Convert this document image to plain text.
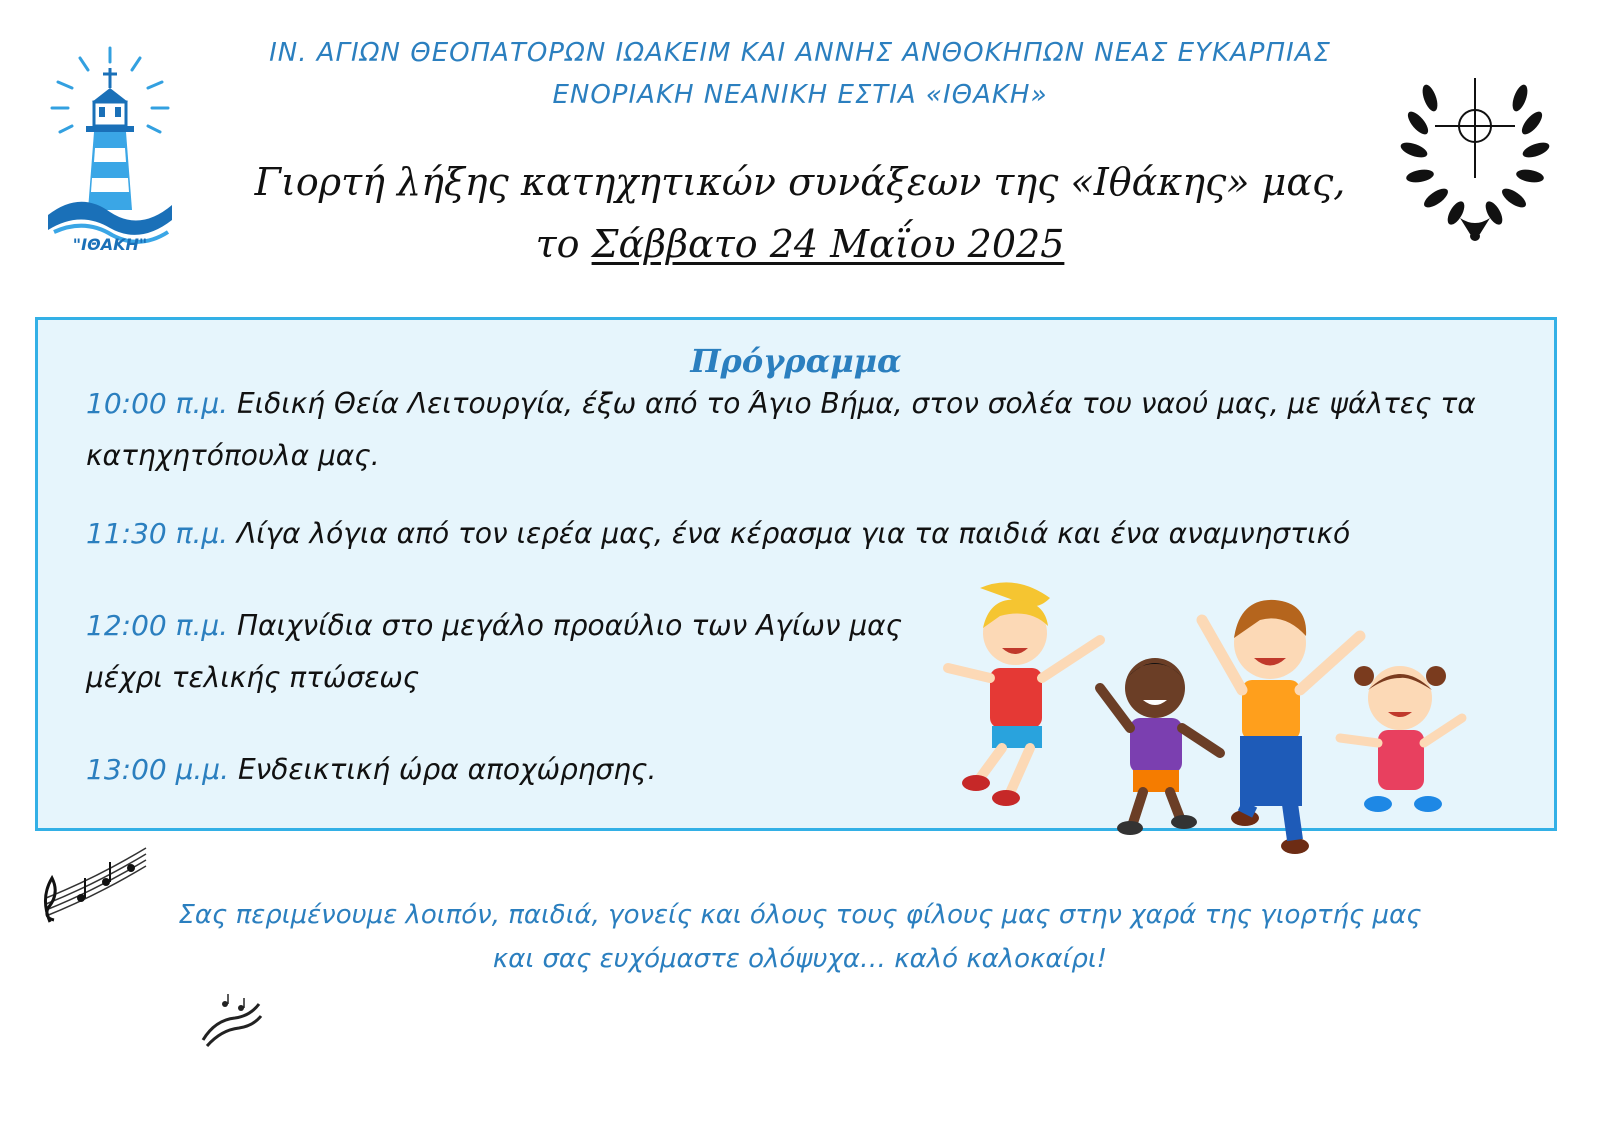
"ΙΘΑΚΗ"
ΙΝ. ΑΓΙΩΝ ΘΕΟΠΑΤΟΡΩΝ ΙΩΑΚΕΙΜ ΚΑΙ ΑΝΝΗΣ ΑΝΘΟΚΗΠΩΝ ΝΕΑΣ ΕΥΚΑΡΠΙΑΣ
ΕΝΟΡΙΑΚΗ ΝΕΑΝΙΚΗ ΕΣΤΙΑ «ΙΘΑΚΗ»
Γιορτή λήξης κατηχητικών συνάξεων της «Ιθάκης» μας,
το Σάββατο 24 Μαΐου 2025
Πρόγραμμα
10:00 π.μ. Ειδική Θεία Λειτουργία, έξω από το Άγιο Βήμα, στον σολέα του ναού μας, με ψάλτες τα
κατηχητόπουλα μας.
11:30 π.μ. Λίγα λόγια από τον ιερέα μας, ένα κέρασμα για τα παιδιά και ένα αναμνηστικό
12:00 π.μ. Παιχνίδια στο μεγάλο προαύλιο των Αγίων μας
μέχρι τελικής πτώσεως
13:00 μ.μ. Ενδεικτική ώρα αποχώρησης.
Σας περιμένουμε λοιπόν, παιδιά, γονείς και όλους τους φίλους μας στην χαρά της γιορτής μας
και σας ευχόμαστε ολόψυχα… καλό καλοκαίρι!
